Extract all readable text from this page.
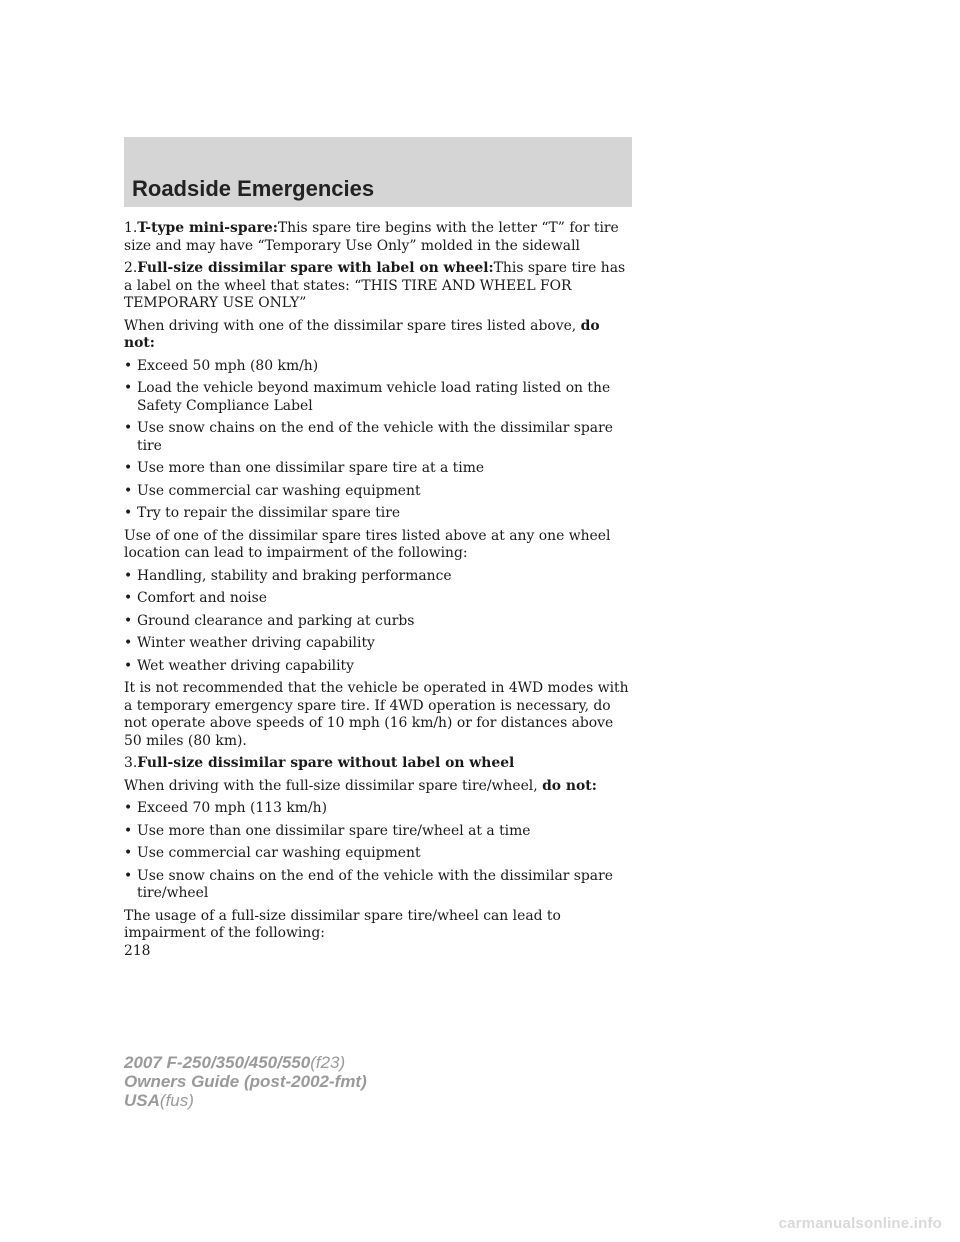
Roadside Emergencies

1.T-type mini-spare:This spare tire begins with the letter “T” for tire size and may have “Temporary Use Only” molded in the sidewall

2.Full-size dissimilar spare with label on wheel:This spare tire has a label on the wheel that states: “THIS TIRE AND WHEEL FOR TEMPORARY USE ONLY”

When driving with one of the dissimilar spare tires listed above, do not:

• Exceed 50 mph (80 km/h)
• Load the vehicle beyond maximum vehicle load rating listed on the Safety Compliance Label
• Use snow chains on the end of the vehicle with the dissimilar spare tire
• Use more than one dissimilar spare tire at a time
• Use commercial car washing equipment
• Try to repair the dissimilar spare tire

Use of one of the dissimilar spare tires listed above at any one wheel location can lead to impairment of the following:

• Handling, stability and braking performance
• Comfort and noise
• Ground clearance and parking at curbs
• Winter weather driving capability
• Wet weather driving capability

It is not recommended that the vehicle be operated in 4WD modes with a temporary emergency spare tire. If 4WD operation is necessary, do not operate above speeds of 10 mph (16 km/h) or for distances above 50 miles (80 km).

3.Full-size dissimilar spare without label on wheel

When driving with the full-size dissimilar spare tire/wheel, do not:

• Exceed 70 mph (113 km/h)
• Use more than one dissimilar spare tire/wheel at a time
• Use commercial car washing equipment
• Use snow chains on the end of the vehicle with the dissimilar spare tire/wheel

The usage of a full-size dissimilar spare tire/wheel can lead to impairment of the following:

218
2007 F-250/350/450/550(f23)
Owners Guide (post-2002-fmt)
USA(fus)
carmanualsonline.info
